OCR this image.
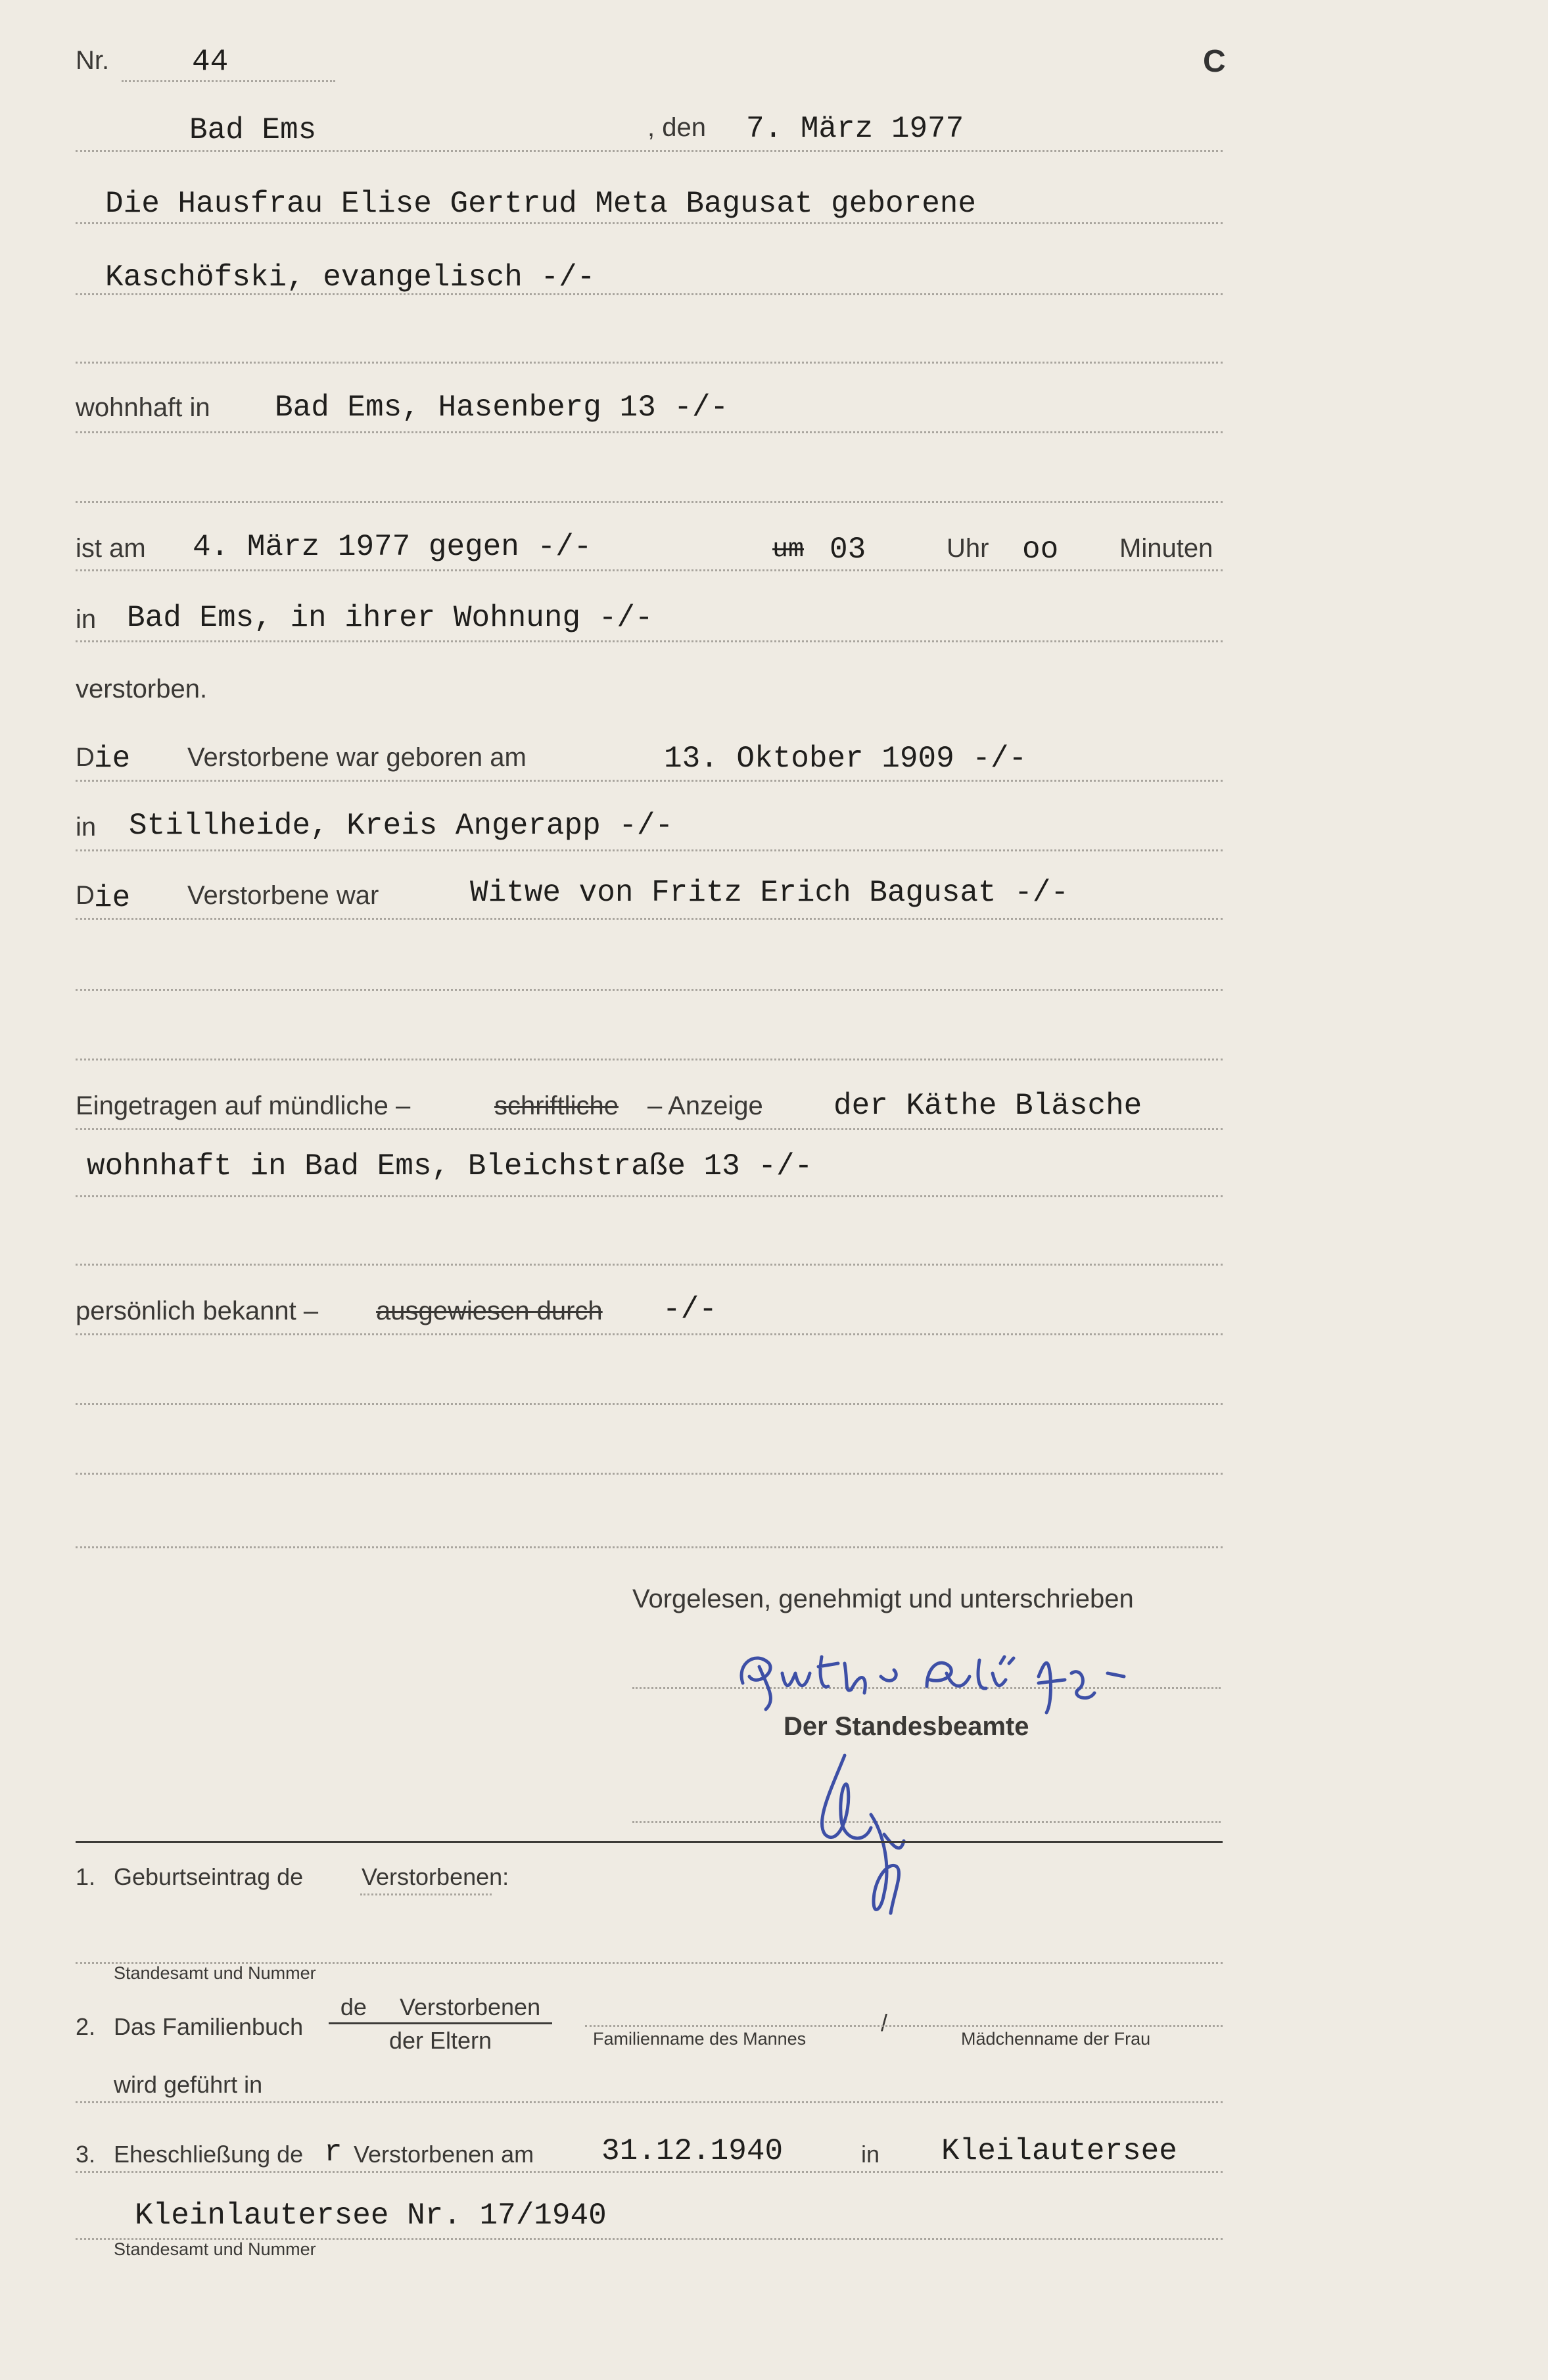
Nr.	44	C
Bad Ems	, den 7. März 1977
Die Hausfrau Elise Gertrud Meta Bagusat geborene
Kaschöfski, evangelisch -/-
wohnhaft in Bad Ems, Hasenberg 13 -/-
ist am 4. März 1977 gegen -/-	um 03	Uhr oo Minuten
in Bad Ems, in ihrer Wohnung -/-
verstorben.
D ie Verstorbene war geboren am	13. Oktober 1909 -/-
in Stillheide, Kreis Angerapp -/-
D ie Verstorbene war	Witwe von Fritz Erich Bagusat -/-
Eingetragen auf mündliche –	schriftliche – Anzeige der Käthe Bläsche
wohnhaft in Bad Ems, Bleichstraße 13 -/-
persönlich bekannt – ausgewiesen durch -/-
Vorgelesen, genehmigt und unterschrieben
Der Standesbeamte
1. Geburtseintrag de Verstorbenen:
Standesamt und Nummer
2. Das Familienbuch
de     Verstorbenen
der Eltern	Familienname des Mannes
/
Mädchenname der Frau
wird geführt in
3. Eheschließung de r Verstorbenen am 31.12.1940	in Kleilautersee
Kleinlautersee Nr. 17/1940
Standesamt und Nummer
